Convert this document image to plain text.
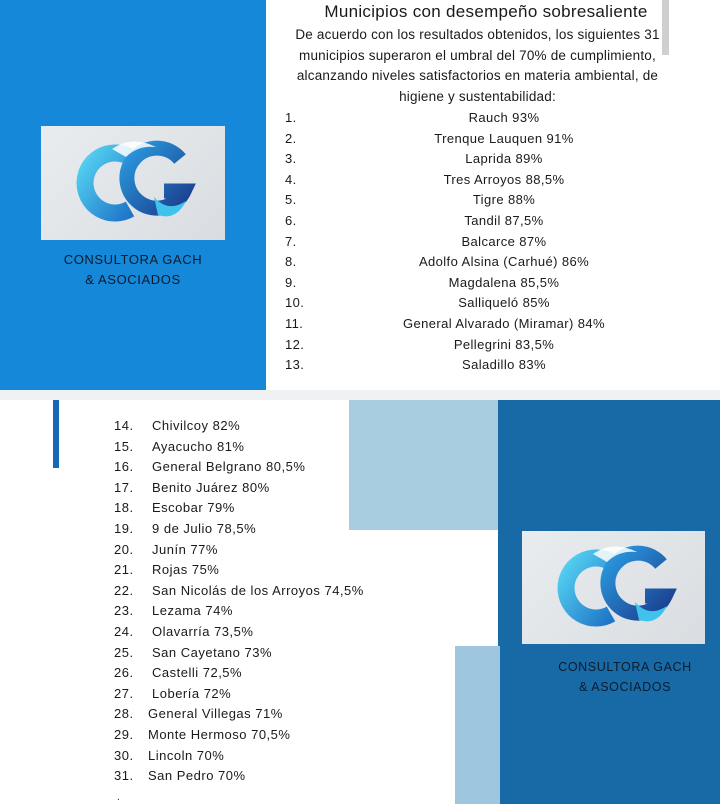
CONSULTORA GACH
& ASOCIADOS
Municipios con desempeño sobresaliente

De acuerdo con los resultados obtenidos, los siguientes 31 municipios superaron el umbral del 70% de cumplimiento, alcanzando niveles satisfactorios en materia ambiental, de higiene y sustentabilidad:

1.	Rauch 93%
2.	Trenque Lauquen 91%
3.	Laprida 89%
4.	Tres Arroyos 88,5%
5.	Tigre 88%
6.	Tandil 87,5%
7.	Balcarce 87%
8.	Adolfo Alsina (Carhué) 86%
9.	Magdalena 85,5%
10.	Salliqueló 85%
11.	General Alvarado (Miramar) 84%
12.	Pellegrini 83,5%
13.	Saladillo 83%
CONSULTORA GACH
& ASOCIADOS
14. Chivilcoy 82%
15. Ayacucho 81%
16. General Belgrano 80,5%
17. Benito Juárez 80%
18. Escobar 79%
19. 9 de Julio 78,5%
20. Junín 77%
21. Rojas 75%
22. San Nicolás de los Arroyos 74,5%
23. Lezama 74%
24. Olavarría 73,5%
25. San Cayetano 73%
26. Castelli 72,5%
27. Lobería 72%
28. General Villegas 71%
29. Monte Hermoso 70,5%
30. Lincoln 70%
31. San Pedro 70%
.
